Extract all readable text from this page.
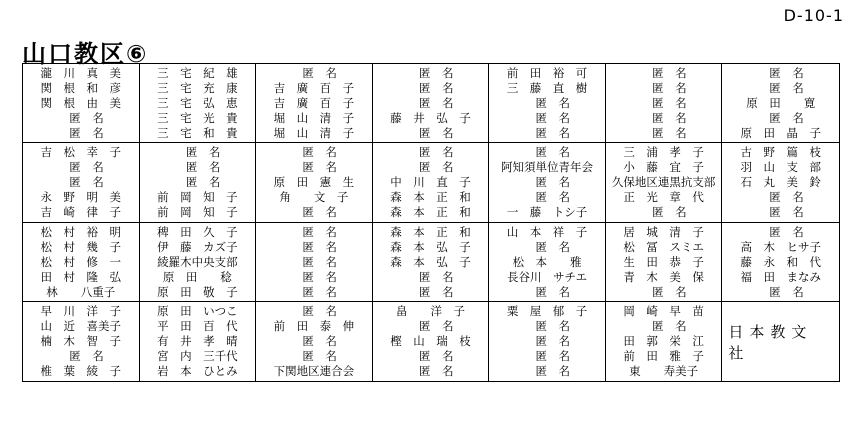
D-10-1
山口教区⑥
瀧　川　真　美
関　根　和　彦
関　根　由　美
　匿　名
　匿　名
三　宅　紀　雄
三　宅　充　康
三　宅　弘　恵
三　宅　光　貴
三　宅　和　貴
　匿　名
吉　廣　百　子
吉　廣　百　子
堀　山　清　子
堀　山　清　子
　匿　名
　匿　名
　匿　名
藤　井　弘　子
　匿　名
前　田　裕　可
三　藤　直　樹
　匿　名
　匿　名
　匿　名
　匿　名
　匿　名
　匿　名
　匿　名
　匿　名
　匿　名
　匿　名
原　田　　寛
　匿　名
原　田　晶　子
吉　松　幸　子
　匿　名
　匿　名
永　野　明　美
吉　崎　律　子
　匿　名
　匿　名
　匿　名
前　岡　知　子
前　岡　知　子
　匿　名
　匿　名
原　田　憲　生
角　　文　子
　匿　名
　匿　名
　匿　名
中　川　直　子
森　本　正　和
森　本　正　和
　匿　名
阿知須単位青年会
　匿　名
　匿　名
一　藤　トシ子
三　浦　孝　子
小　藤　宜　子
久保地区連黒抗支部
正　光　章　代
　匿　名
古　野　篇　枝
羽　山　支　部
石　丸　美　鈴
　匿　名
　匿　名
松　村　裕　明
松　村　幾　子
松　村　修　一
田　村　隆　弘
林　　八重子
稗　田　久　子
伊　藤　カズ子
綾羅木中央支部
原　田　　稔
原　田　敬　子
　匿　名
　匿　名
　匿　名
　匿　名
　匿　名
森　本　正　和
森　本　弘　子
森　本　弘　子
　匿　名
　匿　名
山　本　祥　子
　匿　名
松　本　　雅
長谷川　サチエ
　匿　名
居　城　清　子
松　冨　スミエ
生　田　恭　子
青　木　美　保
　匿　名
　匿　名
高　木　ヒサ子
藤　永　和　代
福　田　まなみ
　匿　名
早　川　洋　子
山　近　喜美子
楠　木　智　子
　匿　名
椎　葉　綾　子
原　田　いつこ
平　田　百　代
有　井　孝　晴
宮　内　三千代
岩　本　ひとみ
　匿　名
前　田　泰　伸
　匿　名
　匿　名
下関地区連合会
畠　　洋　子
　匿　名
樫　山　瑞　枝
　匿　名
　匿　名
粟　屋　郁　子
　匿　名
　匿　名
　匿　名
　匿　名
岡　崎　早　苗
　匿　名
田　郭　栄　江
前　田　雅　子
東　　寿美子
日本教文社
